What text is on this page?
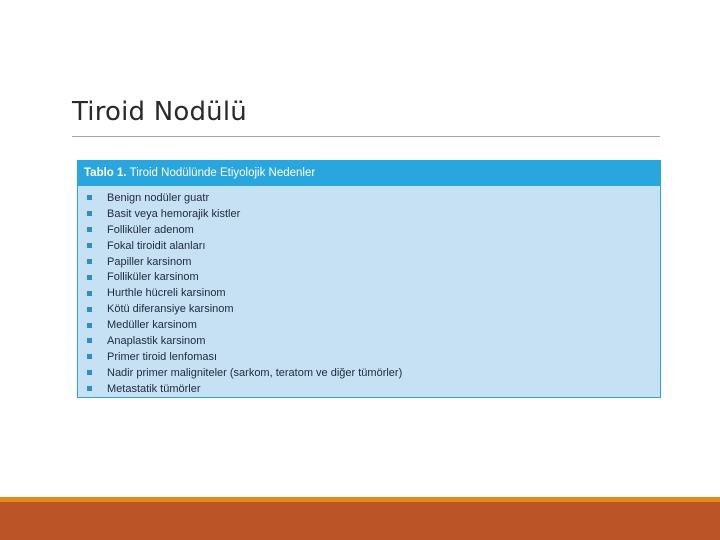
Tiroid Nodülü
Tablo 1. Tiroid Nodülünde Etiyolojik Nedenler
Benign nodüler guatr
Basit veya hemorajik kistler
Folliküler adenom
Fokal tiroidit alanları
Papiller karsinom
Folliküler karsinom
Hurthle hücreli karsinom
Kötü diferansiye karsinom
Medüller karsinom
Anaplastik karsinom
Primer tiroid lenfoması
Nadir primer maligniteler (sarkom, teratom ve diğer tümörler)
Metastatik tümörler
